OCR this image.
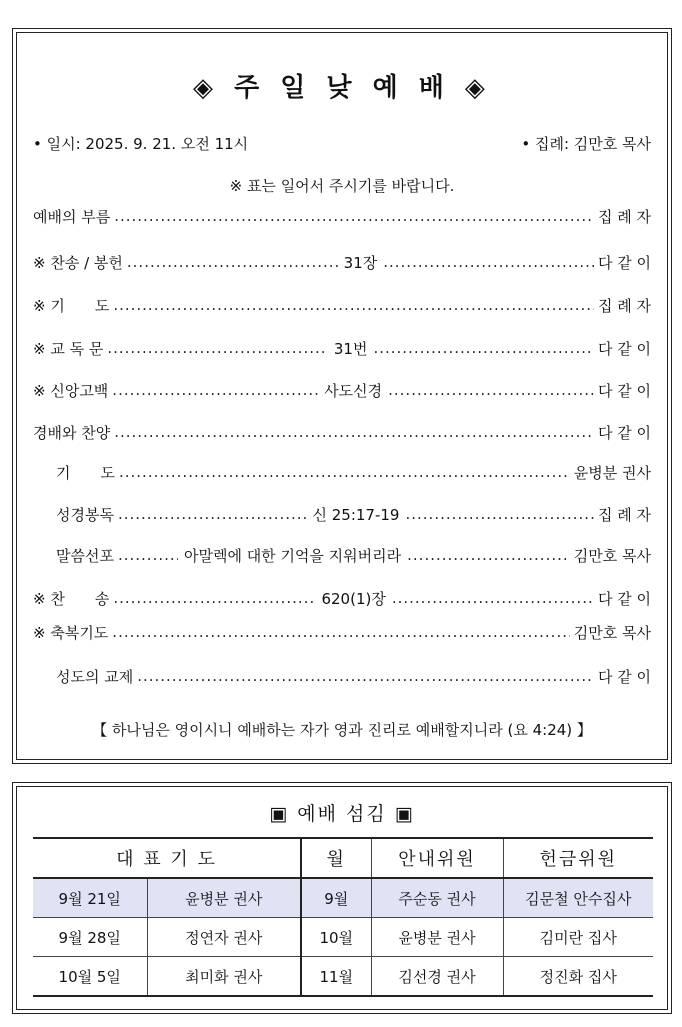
◈ 주 일 낮 예 배 ◈
• 일시: 2025. 9. 21. 오전 11시	• 집례: 김만호 목사
※ 표는 일어서 주시기를 바랍니다.
예배의 부름 .....	집 례 자
※ 찬송 / 봉헌 .....	31장 .....	다 같 이
※ 기　　도 .....	집 례 자
※ 교 독 문 .....	31번 .....	다 같 이
※ 신앙고백 .....	사도신경 .....	다 같 이
경배와 찬양 .....	다 같 이
기　　도 .....	윤병분 권사
성경봉독 .....	신 25:17-19 .....	집 례 자
말씀선포 .....	아말렉에 대한 기억을 지워버리라 .....	김만호 목사
※ 찬　　송 .....	620(1)장 .....	다 같 이
※ 축복기도 .....	김만호 목사
성도의 교제 .....	다 같 이
【 하나님은 영이시니 예배하는 자가 영과 진리로 예배할지니라 (요 4:24) 】
▣ 예배 섬김 ▣
대 표 기 도		월	안내위원	헌금위원
9월 21일	윤병분 권사	9월	주순동 권사	김문철 안수집사
9월 28일	정연자 권사	10월	윤병분 권사	김미란 집사
10월 5일	최미화 권사	11월	김선경 권사	정진화 집사
